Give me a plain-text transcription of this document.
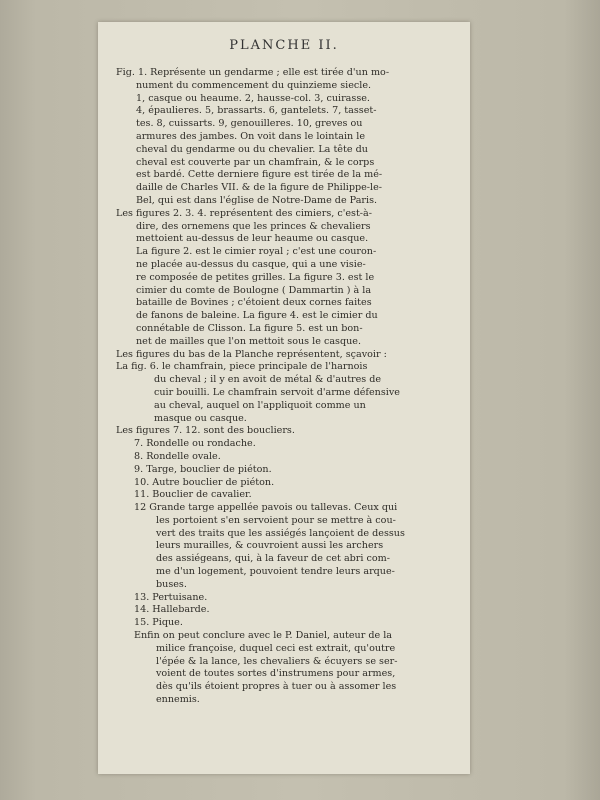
PLANCHE II.
Fig. 1. Représente un gendarme ; elle est tirée d'un mo-
nument du commencement du quinzieme siecle.
1, casque ou heaume. 2, hausse-col. 3, cuirasse.
4, épaulieres. 5, brassarts. 6, gantelets. 7, tasset-
tes. 8, cuissarts. 9, genouilleres. 10, greves ou
armures des jambes. On voit dans le lointain le
cheval du gendarme ou du chevalier. La tête du
cheval est couverte par un chamfrain, & le corps
est bardé. Cette derniere figure est tirée de la mé-
daille de Charles VII. & de la figure de Philippe-le-
Bel, qui est dans l'église de Notre-Dame de Paris.
Les figures 2. 3. 4. représentent des cimiers, c'est-à-
dire, des ornemens que les princes & chevaliers
mettoient au-dessus de leur heaume ou casque.
La figure 2. est le cimier royal ; c'est une couron-
ne placée au-dessus du casque, qui a une visie-
re composée de petites grilles. La figure 3. est le
cimier du comte de Boulogne ( Dammartin ) à la
bataille de Bovines ; c'étoient deux cornes faites
de fanons de baleine. La figure 4. est le cimier du
connétable de Clisson. La figure 5. est un bon-
net de mailles que l'on mettoit sous le casque.
Les figures du bas de la Planche représentent, sçavoir :
La fig. 6. le chamfrain, piece principale de l'harnois
du cheval ; il y en avoit de métal & d'autres de
cuir bouilli. Le chamfrain servoit d'arme défensive
au cheval, auquel on l'appliquoit comme un
masque ou casque.
Les figures 7. 12. sont des boucliers.
7. Rondelle ou rondache.
8. Rondelle ovale.
9. Targe, bouclier de piéton.
10. Autre bouclier de piéton.
11. Bouclier de cavalier.
12 Grande targe appellée pavois ou tallevas. Ceux qui
les portoient s'en servoient pour se mettre à cou-
vert des traits que les assiégés lançoient de dessus
leurs murailles, & couvroient aussi les archers
des assiégeans, qui, à la faveur de cet abri com-
me d'un logement, pouvoient tendre leurs arque-
buses.
13. Pertuisane.
14. Hallebarde.
15. Pique.
Enfin on peut conclure avec le P. Daniel, auteur de la
milice françoise, duquel ceci est extrait, qu'outre
l'épée & la lance, les chevaliers & écuyers se ser-
voient de toutes sortes d'instrumens pour armes,
dès qu'ils étoient propres à tuer ou à assomer les
ennemis.
